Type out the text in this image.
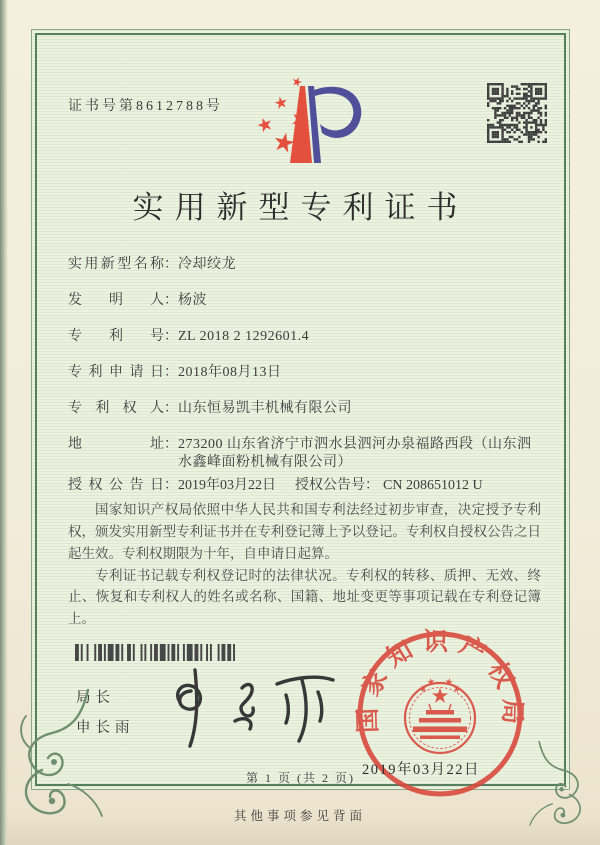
证书号第8612788号
实用新型专利证书
实用新型名称 ： 冷却绞龙
发明人 ： 杨波
专利号 ： ZL 2018 2 1292601.4
专利申请日 ： 2018年08月13日
专利权人 ： 山东恒易凯丰机械有限公司
地址 ： 273200 山东省济宁市泗水县泗河办泉福路西段（山东泗水鑫峰面粉机械有限公司）
授权公告日 ： 2019年03月22日 授权公告号 ： CN 208651012 U

国家知识产权局依照中华人民共和国专利法经过初步审查，决定授予专利权，颁发实用新型专利证书并在专利登记簿上予以登记。专利权自授权公告之日起生效。专利权期限为十年，自申请日起算。

专利证书记载专利权登记时的法律状况。专利权的转移、质押、无效、终止、恢复和专利权人的姓名或名称、国籍、地址变更等事项记载在专利登记簿上。

局长
申长雨	国家知识产权局
2019年03月22日
第 1 页 (共 2 页)
其他事项参见背面
